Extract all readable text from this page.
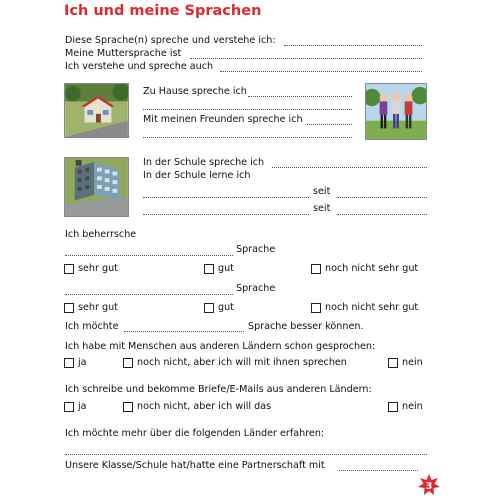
Ich und meine Sprachen
Diese Sprache(n) spreche und verstehe ich:
Meine Muttersprache ist
Ich verstehe und spreche auch
Zu Hause spreche ich
Mit meinen Freunden spreche ich
In der Schule spreche ich
In der Schule lerne ich
seit
seit
Ich beherrsche
Sprache
sehr gut	gut	noch nicht sehr gut
Sprache
sehr gut	gut	noch nicht sehr gut
Ich möchte	Sprache besser können.
Ich habe mit Menschen aus anderen Ländern schon gesprochen:
ja	noch nicht, aber ich will mit ihnen sprechen	nein
Ich schreibe und bekomme Briefe/E-Mails aus anderen Ländern:
ja	noch nicht, aber ich will das	nein
Ich möchte mehr über die folgenden Länder erfahren:
Unsere Klasse/Schule hat/hatte eine Partnerschaft mit
3
